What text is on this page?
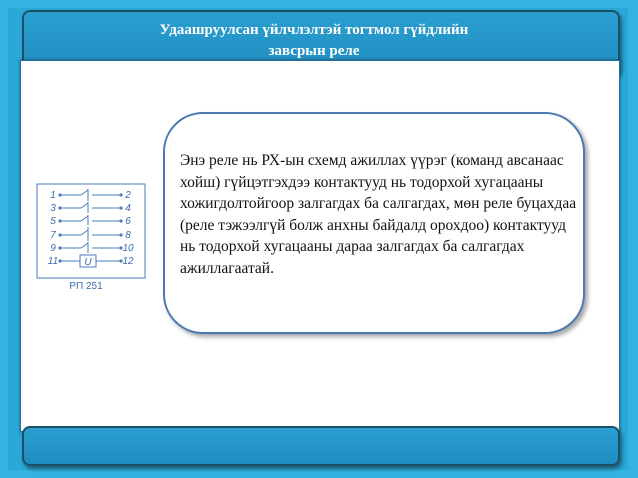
Удаашруулсан үйлчлэлтэй тогтмол гүйдлийн
завсрын реле
1
3
5
7
9
11
2
4
6
8
10
12
U
РП 251
Энэ реле нь РХ-ын схемд ажиллах үүрэг (команд авсанаас хойш) гүйцэтгэхдээ контактууд нь тодорхой хугацааны хожигдолтойгоор залгагдах ба салгагдах, мөн реле буцахдаа (реле тэжээлгүй болж анхны байдалд орохдоо) контактууд нь тодорхой хугацааны дараа залгагдах ба салгагдах ажиллагаатай.
